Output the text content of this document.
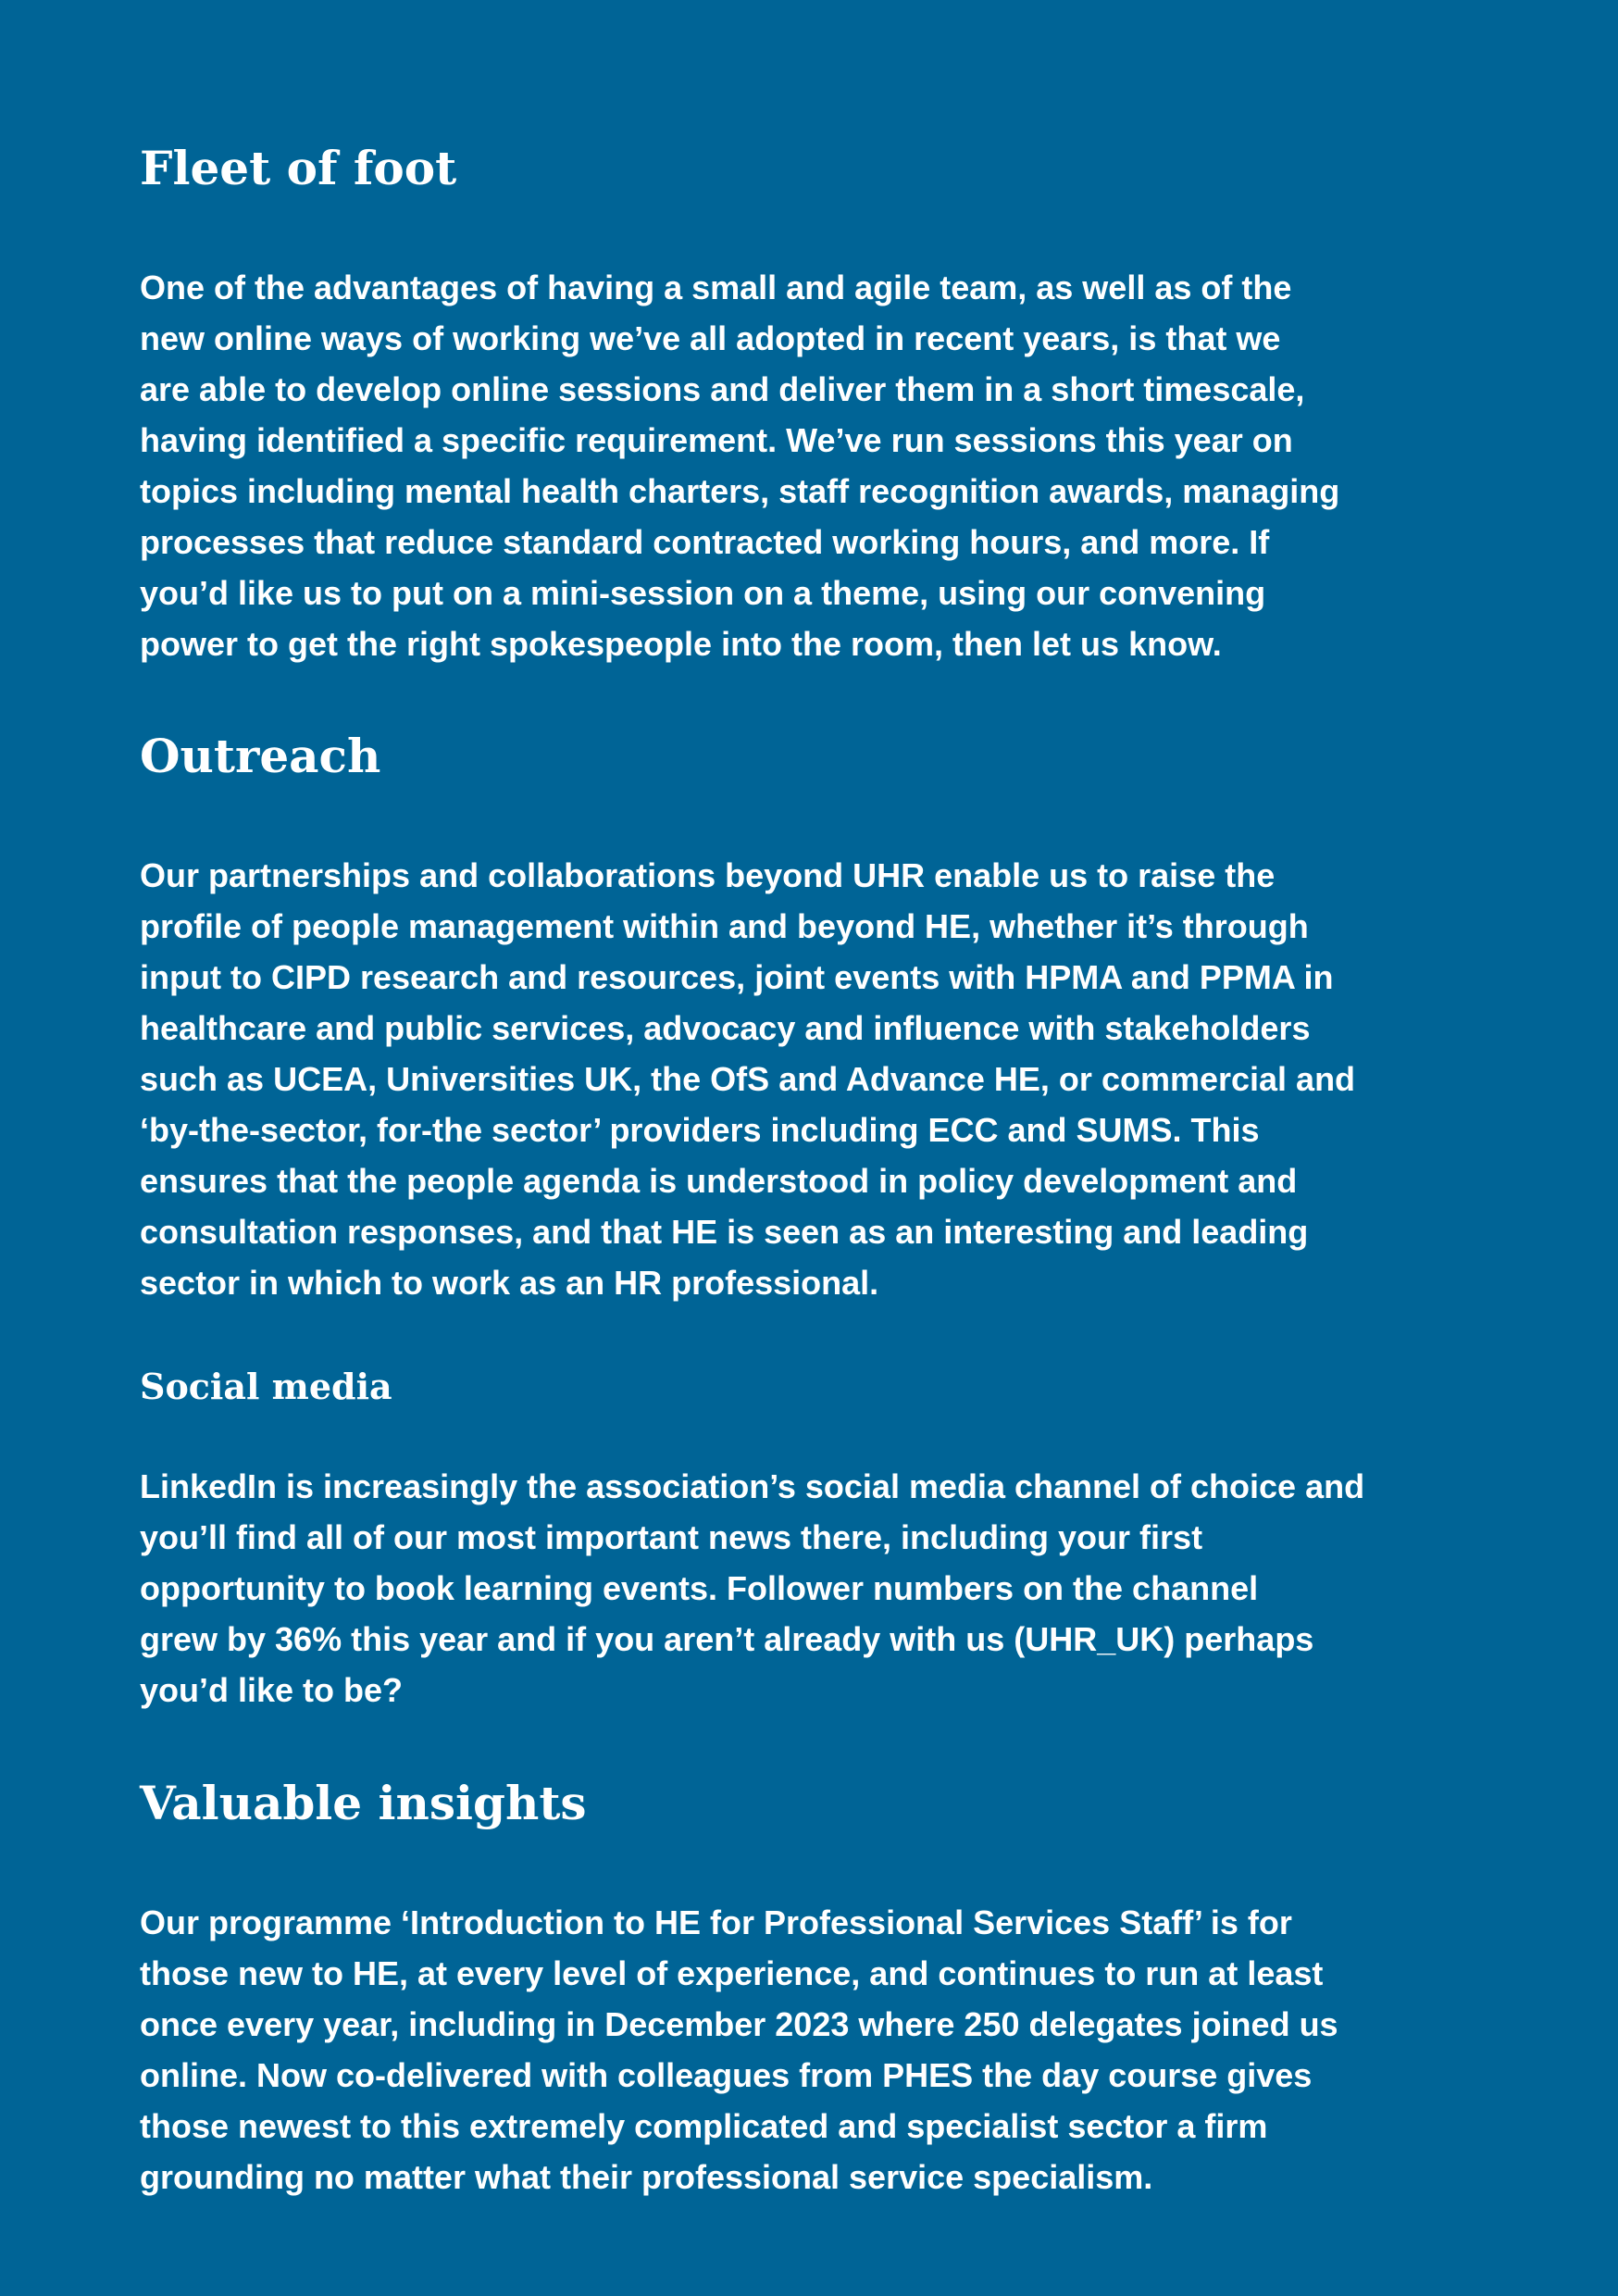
Fleet of foot
One of the advantages of having a small and agile team, as well as of the
new online ways of working we’ve all adopted in recent years, is that we
are able to develop online sessions and deliver them in a short timescale,
having identified a specific requirement. We’ve run sessions this year on
topics including mental health charters, staff recognition awards, managing
processes that reduce standard contracted working hours, and more. If
you’d like us to put on a mini-session on a theme, using our convening
power to get the right spokespeople into the room, then let us know.
Outreach
Our partnerships and collaborations beyond UHR enable us to raise the
profile of people management within and beyond HE, whether it’s through
input to CIPD research and resources, joint events with HPMA and PPMA in
healthcare and public services, advocacy and influence with stakeholders
such as UCEA, Universities UK, the OfS and Advance HE, or commercial and
‘by-the-sector, for-the sector’ providers including ECC and SUMS. This
ensures that the people agenda is understood in policy development and
consultation responses, and that HE is seen as an interesting and leading
sector in which to work as an HR professional.
Social media
LinkedIn is increasingly the association’s social media channel of choice and
you’ll find all of our most important news there, including your first
opportunity to book learning events. Follower numbers on the channel
grew by 36% this year and if you aren’t already with us (UHR_UK) perhaps
you’d like to be?
Valuable insights
Our programme ‘Introduction to HE for Professional Services Staff’ is for
those new to HE, at every level of experience, and continues to run at least
once every year, including in December 2023 where 250 delegates joined us
online. Now co-delivered with colleagues from PHES the day course gives
those newest to this extremely complicated and specialist sector a firm
grounding no matter what their professional service specialism.
